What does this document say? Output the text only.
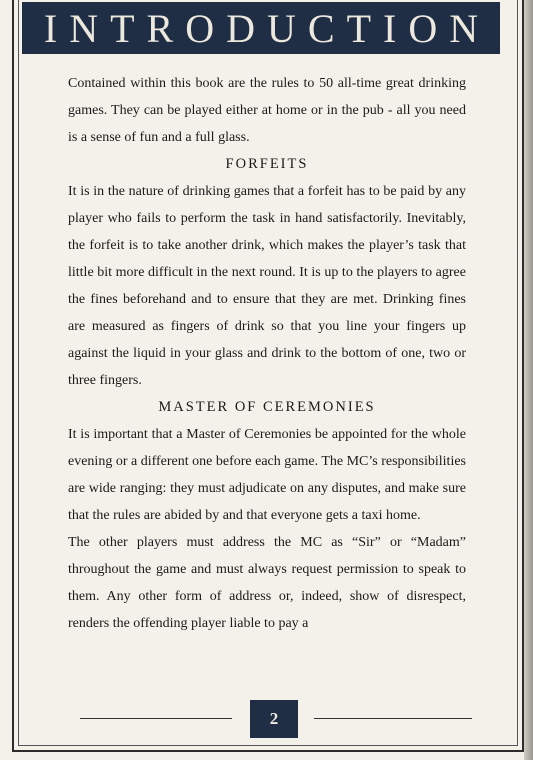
INTRODUCTION

Contained within this book are the rules to 50 all-time great drinking games. They can be played either at home or in the pub - all you need is a sense of fun and a full glass.

FORFEITS

It is in the nature of drinking games that a forfeit has to be paid by any player who fails to perform the task in hand satisfactorily. Inevitably, the forfeit is to take another drink, which makes the player’s task that little bit more difficult in the next round. It is up to the players to agree the fines beforehand and to ensure that they are met. Drinking fines are measured as fingers of drink so that you line your fingers up against the liquid in your glass and drink to the bottom of one, two or three fingers.

MASTER OF CEREMONIES

It is important that a Master of Ceremonies be appointed for the whole evening or a different one before each game. The MC’s responsibilities are wide ranging: they must adjudicate on any disputes, and make sure that the rules are abided by and that everyone gets a taxi home.

The other players must address the MC as “Sir” or “Madam” throughout the game and must always request permission to speak to them. Any other form of address or, indeed, show of disrespect, renders the offending player liable to pay a

2
